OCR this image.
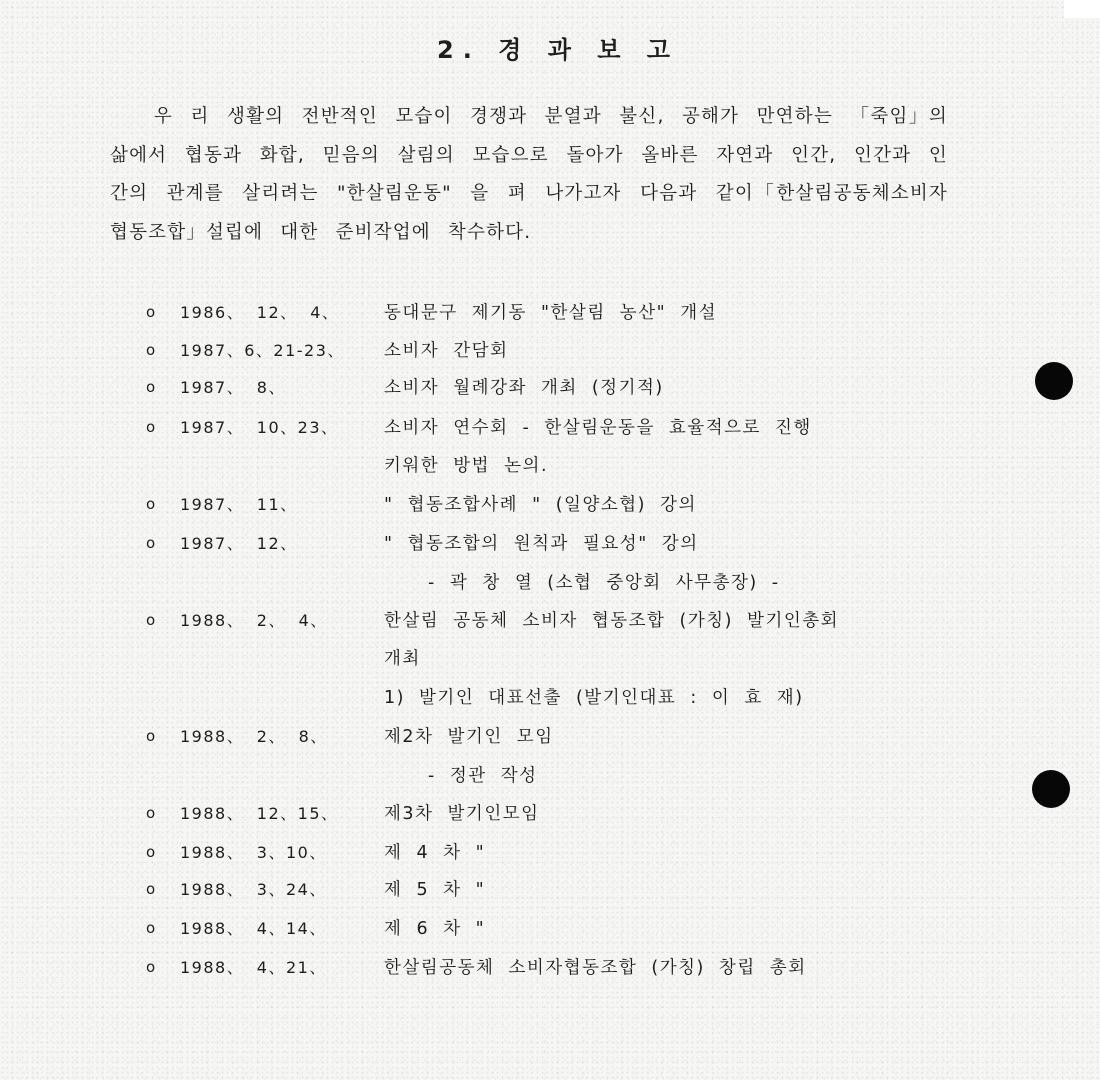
2. 경 과 보 고
우 리 생활의 전반적인 모습이 경쟁과 분열과 불신, 공해가 만연하는 「죽임」의 삶에서 협동과 화합, 믿음의 살림의 모습으로 돌아가 올바른 자연과 인간, 인간과 인간의 관계를 살리려는 "한살림운동" 을 펴 나가고자 다음과 같이「한살림공동체소비자협동조합」설립에 대한 준비작업에 착수하다.
o 1986、 12、 4、	동대문구 제기동 "한살림 농산" 개설
o 1987、6、21-23、 소비자 간담회
o 1987、 8、	소비자 월례강좌 개최 (정기적)
o 1987、 10、23、	소비자 연수회 - 한살림운동을 효율적으로 진행
키워한 방법 논의.
o 1987、 11、	" 협동조합사례 " (일양소협) 강의
o 1987、 12、	" 협동조합의 원칙과 필요성" 강의
- 곽 창 열 (소협 중앙회 사무총장) -
o 1988、 2、 4、	한살림 공동체 소비자 협동조합 (가칭) 발기인총회
개최
1) 발기인 대표선출 (발기인대표 : 이 효 재)
o 1988、 2、 8、	제2차 발기인 모임
- 정관 작성
o 1988、 12、15、	제3차 발기인모임
o 1988、 3、10、	제 4 차 "
o 1988、 3、24、	제 5 차 "
o 1988、 4、14、	제 6 차 "
o 1988、 4、21、	한살림공동체 소비자협동조합 (가칭) 창립 총회
